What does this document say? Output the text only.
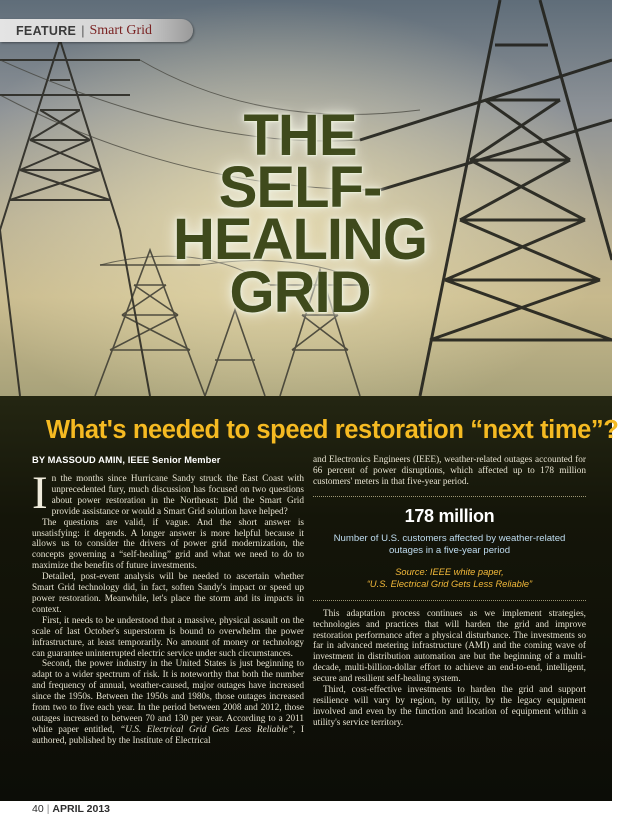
FEATURE | Smart Grid
THE
SELF-HEALING
GRID
What's needed to speed restoration “next time”?
BY MASSOUD AMIN, IEEE Senior Member

In the months since Hurricane Sandy struck the East Coast with unprecedented fury, much discussion has focused on two questions about power restoration in the Northeast: Did the Smart Grid provide assistance or would a Smart Grid solution have helped?

The questions are valid, if vague. And the short answer is unsatisfying: it depends. A longer answer is more helpful because it allows us to consider the drivers of power grid modernization, the concepts governing a “self-healing” grid and what we need to do to maximize the benefits of future investments.

Detailed, post-event analysis will be needed to ascertain whether Smart Grid technology did, in fact, soften Sandy's impact or speed up power restoration. Meanwhile, let's place the storm and its impacts in context.

First, it needs to be understood that a massive, physical assault on the scale of last October's superstorm is bound to overwhelm the power infrastructure, at least temporarily. No amount of money or technology can guarantee uninterrupted electric service under such circumstances.

Second, the power industry in the United States is just beginning to adapt to a wider spectrum of risk. It is noteworthy that both the number and frequency of annual, weather-caused, major outages have increased since the 1950s. Between the 1950s and 1980s, those outages increased from two to five each year. In the period between 2008 and 2012, those outages increased to between 70 and 130 per year. According to a 2011 white paper entitled, “U.S. Electrical Grid Gets Less Reliable”, I authored, published by the Institute of Electrical

and Electronics Engineers (IEEE), weather-related outages accounted for 66 percent of power disruptions, which affected up to 178 million customers' meters in that five-year period.

178 million
Number of U.S. customers affected by weather-related outages in a five-year period
Source: IEEE white paper,
“U.S. Electrical Grid Gets Less Reliable”

This adaptation process continues as we implement strategies, technologies and practices that will harden the grid and improve restoration performance after a physical disturbance. The investments so far in advanced metering infrastructure (AMI) and the coming wave of investment in distribution automation are but the beginning of a multi-decade, multi-billion-dollar effort to achieve an end-to-end, intelligent, secure and resilient self-healing system.

Third, cost-effective investments to harden the grid and support resilience will vary by region, by utility, by the legacy equipment involved and even by the function and location of equipment within a utility's service territory.

40 | APRIL 2013
